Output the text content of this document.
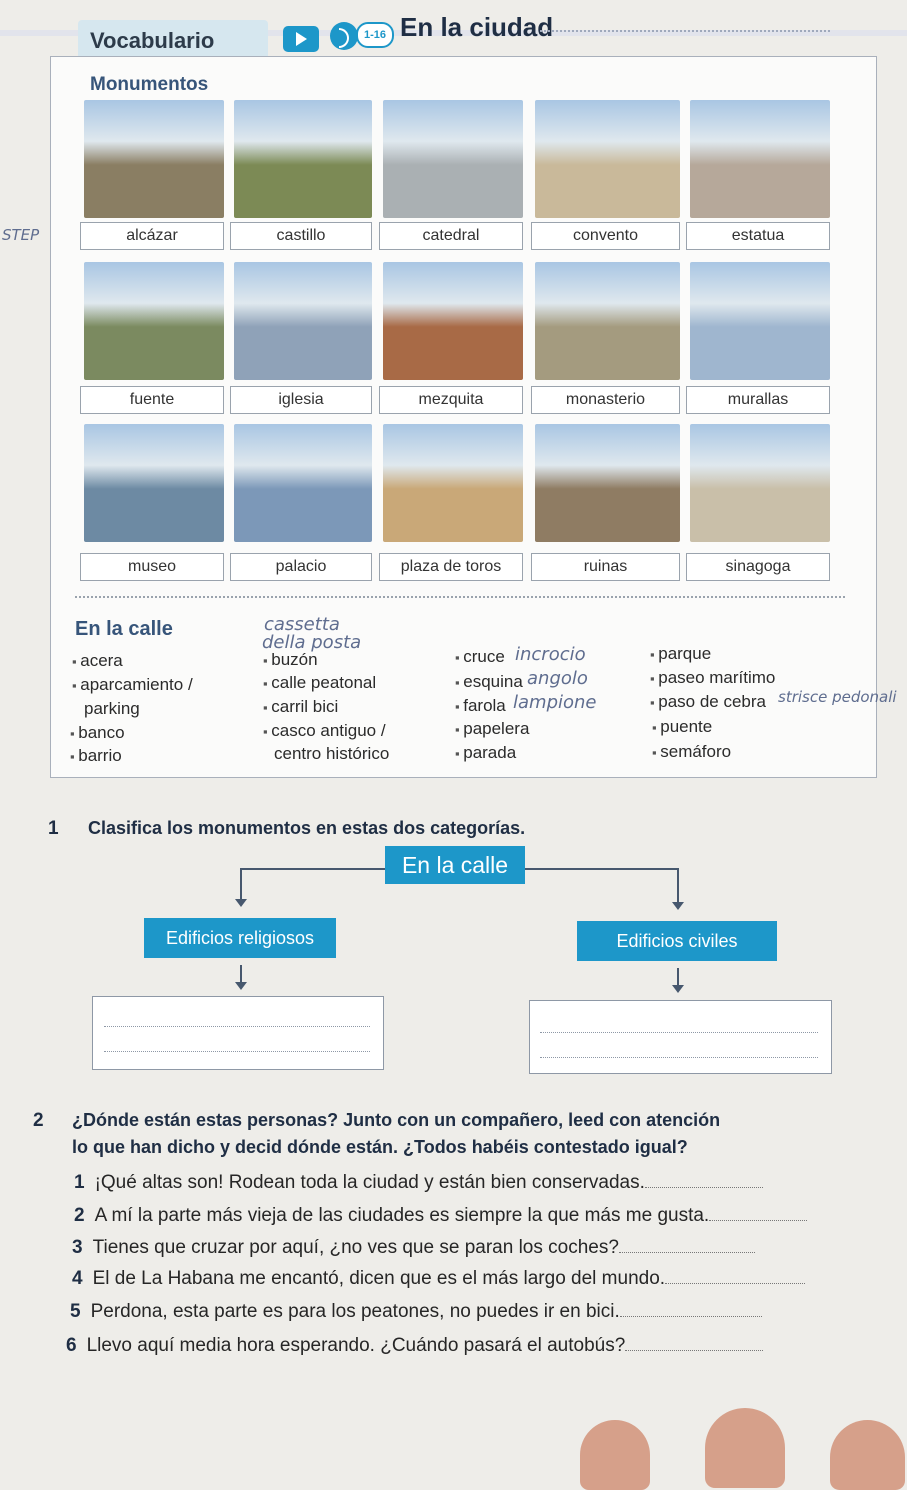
Vocabulario	1-16 En la ciudad
Monumentos
STEP	alcázar	castillo	catedral	convento	estatua
fuente	iglesia	mezquita	monasterio	murallas
museo	palacio	plaza de toros	ruinas	sinagoga
En la calle	cassetta
della posta
▪ acera
▪ aparcamiento /
parking
▪ banco
▪ barrio
▪ buzón
▪ calle peatonal
▪ carril bici
▪ casco antiguo /
centro histórico
▪ cruce incrocio
▪ esquina angolo
▪ farola lampione
▪ papelera
▪ parada
▪ parque
▪ paseo marítimo
▪ paso de cebra strisce pedonali
▪ puente
▪ semáforo
1 Clasifica los monumentos en estas dos categorías.
En la calle
Edificios religiosos	Edificios civiles
2 ¿Dónde están estas personas? Junto con un compañero, leed con atención
lo que han dicho y decid dónde están. ¿Todos habéis contestado igual?
1 ¡Qué altas son! Rodean toda la ciudad y están bien conservadas.
2 A mí la parte más vieja de las ciudades es siempre la que más me gusta.
3 Tienes que cruzar por aquí, ¿no ves que se paran los coches?
4 El de La Habana me encantó, dicen que es el más largo del mundo.
5 Perdona, esta parte es para los peatones, no puedes ir en bici.
6 Llevo aquí media hora esperando. ¿Cuándo pasará el autobús?
